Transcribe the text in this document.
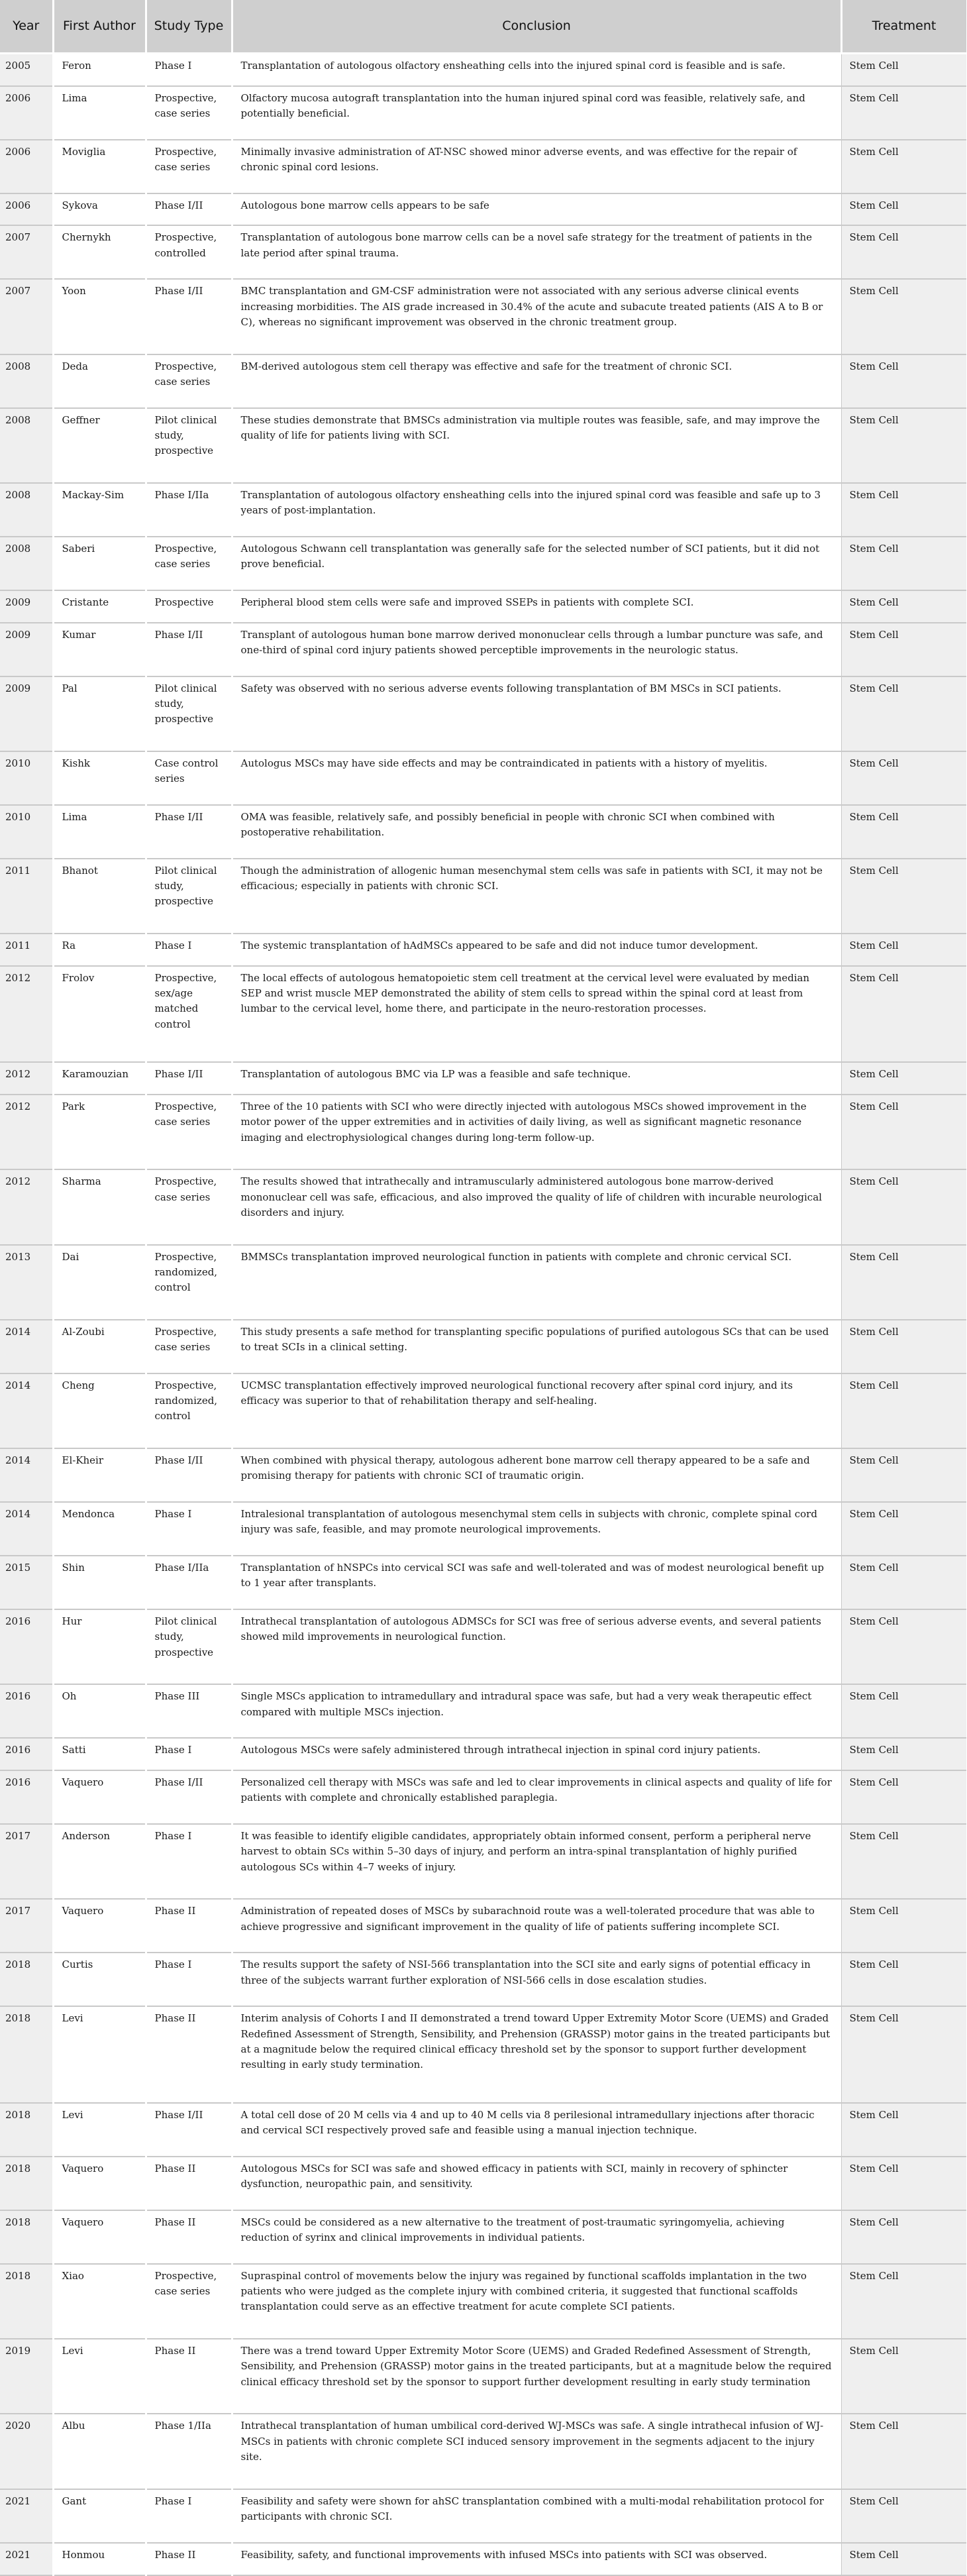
Year	First Author	Study Type	Conclusion	Treatment
2005	Feron	Phase I	Transplantation of autologous olfactory ensheathing cells into the injured spinal cord is feasible and is safe.	Stem Cell
2006	Lima	Prospective, case series	Olfactory mucosa autograft transplantation into the human injured spinal cord was feasible, relatively safe, and potentially beneficial.	Stem Cell
2006	Moviglia	Prospective, case series	Minimally invasive administration of AT-NSC showed minor adverse events, and was effective for the repair of chronic spinal cord lesions.	Stem Cell
2006	Sykova	Phase I/II	Autologous bone marrow cells appears to be safe	Stem Cell
2007	Chernykh	Prospective, controlled	Transplantation of autologous bone marrow cells can be a novel safe strategy for the treatment of patients in the late period after spinal trauma.	Stem Cell
2007	Yoon	Phase I/II	BMC transplantation and GM-CSF administration were not associated with any serious adverse clinical events increasing morbidities. The AIS grade increased in 30.4% of the acute and subacute treated patients (AIS A to B or C), whereas no significant improvement was observed in the chronic treatment group.	Stem Cell
2008	Deda	Prospective, case series	BM-derived autologous stem cell therapy was effective and safe for the treatment of chronic SCI.	Stem Cell
2008	Geffner	Pilot clinical study, prospective	These studies demonstrate that BMSCs administration via multiple routes was feasible, safe, and may improve the quality of life for patients living with SCI.	Stem Cell
2008	Mackay-Sim	Phase I/IIa	Transplantation of autologous olfactory ensheathing cells into the injured spinal cord was feasible and safe up to 3 years of post-implantation.	Stem Cell
2008	Saberi	Prospective, case series	Autologous Schwann cell transplantation was generally safe for the selected number of SCI patients, but it did not prove beneficial.	Stem Cell
2009	Cristante	Prospective	Peripheral blood stem cells were safe and improved SSEPs in patients with complete SCI.	Stem Cell
2009	Kumar	Phase I/II	Transplant of autologous human bone marrow derived mononuclear cells through a lumbar puncture was safe, and one-third of spinal cord injury patients showed perceptible improvements in the neurologic status.	Stem Cell
2009	Pal	Pilot clinical study, prospective	Safety was observed with no serious adverse events following transplantation of BM MSCs in SCI patients.	Stem Cell
2010	Kishk	Case control series	Autologus MSCs may have side effects and may be contraindicated in patients with a history of myelitis.	Stem Cell
2010	Lima	Phase I/II	OMA was feasible, relatively safe, and possibly beneficial in people with chronic SCI when combined with postoperative rehabilitation.	Stem Cell
2011	Bhanot	Pilot clinical study, prospective	Though the administration of allogenic human mesenchymal stem cells was safe in patients with SCI, it may not be efficacious; especially in patients with chronic SCI.	Stem Cell
2011	Ra	Phase I	The systemic transplantation of hAdMSCs appeared to be safe and did not induce tumor development.	Stem Cell
2012	Frolov	Prospective, sex/age matched control	The local effects of autologous hematopoietic stem cell treatment at the cervical level were evaluated by median SEP and wrist muscle MEP demonstrated the ability of stem cells to spread within the spinal cord at least from lumbar to the cervical level, home there, and participate in the neuro-restoration processes.	Stem Cell
2012	Karamouzian	Phase I/II	Transplantation of autologous BMC via LP was a feasible and safe technique.	Stem Cell
2012	Park	Prospective, case series	Three of the 10 patients with SCI who were directly injected with autologous MSCs showed improvement in the motor power of the upper extremities and in activities of daily living, as well as significant magnetic resonance imaging and electrophysiological changes during long-term follow-up.	Stem Cell
2012	Sharma	Prospective, case series	The results showed that intrathecally and intramuscularly administered autologous bone marrow-derived mononuclear cell was safe, efficacious, and also improved the quality of life of children with incurable neurological disorders and injury.	Stem Cell
2013	Dai	Prospective, randomized, control	BMMSCs transplantation improved neurological function in patients with complete and chronic cervical SCI.	Stem Cell
2014	Al-Zoubi	Prospective, case series	This study presents a safe method for transplanting specific populations of purified autologous SCs that can be used to treat SCIs in a clinical setting.	Stem Cell
2014	Cheng	Prospective, randomized, control	UCMSC transplantation effectively improved neurological functional recovery after spinal cord injury, and its efficacy was superior to that of rehabilitation therapy and self-healing.	Stem Cell
2014	El-Kheir	Phase I/II	When combined with physical therapy, autologous adherent bone marrow cell therapy appeared to be a safe and promising therapy for patients with chronic SCI of traumatic origin.	Stem Cell
2014	Mendonca	Phase I	Intralesional transplantation of autologous mesenchymal stem cells in subjects with chronic, complete spinal cord injury was safe, feasible, and may promote neurological improvements.	Stem Cell
2015	Shin	Phase I/IIa	Transplantation of hNSPCs into cervical SCI was safe and well-tolerated and was of modest neurological benefit up to 1 year after transplants.	Stem Cell
2016	Hur	Pilot clinical study, prospective	Intrathecal transplantation of autologous ADMSCs for SCI was free of serious adverse events, and several patients showed mild improvements in neurological function.	Stem Cell
2016	Oh	Phase III	Single MSCs application to intramedullary and intradural space was safe, but had a very weak therapeutic effect compared with multiple MSCs injection.	Stem Cell
2016	Satti	Phase I	Autologous MSCs were safely administered through intrathecal injection in spinal cord injury patients.	Stem Cell
2016	Vaquero	Phase I/II	Personalized cell therapy with MSCs was safe and led to clear improvements in clinical aspects and quality of life for patients with complete and chronically established paraplegia.	Stem Cell
2017	Anderson	Phase I	It was feasible to identify eligible candidates, appropriately obtain informed consent, perform a peripheral nerve harvest to obtain SCs within 5–30 days of injury, and perform an intra-spinal transplantation of highly purified autologous SCs within 4–7 weeks of injury.	Stem Cell
2017	Vaquero	Phase II	Administration of repeated doses of MSCs by subarachnoid route was a well-tolerated procedure that was able to achieve progressive and significant improvement in the quality of life of patients suffering incomplete SCI.	Stem Cell
2018	Curtis	Phase I	The results support the safety of NSI-566 transplantation into the SCI site and early signs of potential efficacy in three of the subjects warrant further exploration of NSI-566 cells in dose escalation studies.	Stem Cell
2018	Levi	Phase II	Interim analysis of Cohorts I and II demonstrated a trend toward Upper Extremity Motor Score (UEMS) and Graded Redefined Assessment of Strength, Sensibility, and Prehension (GRASSP) motor gains in the treated participants but at a magnitude below the required clinical efficacy threshold set by the sponsor to support further development resulting in early study termination.	Stem Cell
2018	Levi	Phase I/II	A total cell dose of 20 M cells via 4 and up to 40 M cells via 8 perilesional intramedullary injections after thoracic and cervical SCI respectively proved safe and feasible using a manual injection technique.	Stem Cell
2018	Vaquero	Phase II	Autologous MSCs for SCI was safe and showed efficacy in patients with SCI, mainly in recovery of sphincter dysfunction, neuropathic pain, and sensitivity.	Stem Cell
2018	Vaquero	Phase II	MSCs could be considered as a new alternative to the treatment of post-traumatic syringomyelia, achieving reduction of syrinx and clinical improvements in individual patients.	Stem Cell
2018	Xiao	Prospective, case series	Supraspinal control of movements below the injury was regained by functional scaffolds implantation in the two patients who were judged as the complete injury with combined criteria, it suggested that functional scaffolds transplantation could serve as an effective treatment for acute complete SCI patients.	Stem Cell
2019	Levi	Phase II	There was a trend toward Upper Extremity Motor Score (UEMS) and Graded Redefined Assessment of Strength, Sensibility, and Prehension (GRASSP) motor gains in the treated participants, but at a magnitude below the required clinical efficacy threshold set by the sponsor to support further development resulting in early study termination	Stem Cell
2020	Albu	Phase 1/IIa	Intrathecal transplantation of human umbilical cord-derived WJ-MSCs was safe. A single intrathecal infusion of WJ-MSCs in patients with chronic complete SCI induced sensory improvement in the segments adjacent to the injury site.	Stem Cell
2021	Gant	Phase I	Feasibility and safety were shown for ahSC transplantation combined with a multi-modal rehabilitation protocol for participants with chronic SCI.	Stem Cell
2021	Honmou	Phase II	Feasibility, safety, and functional improvements with infused MSCs into patients with SCI was observed.	Stem Cell
